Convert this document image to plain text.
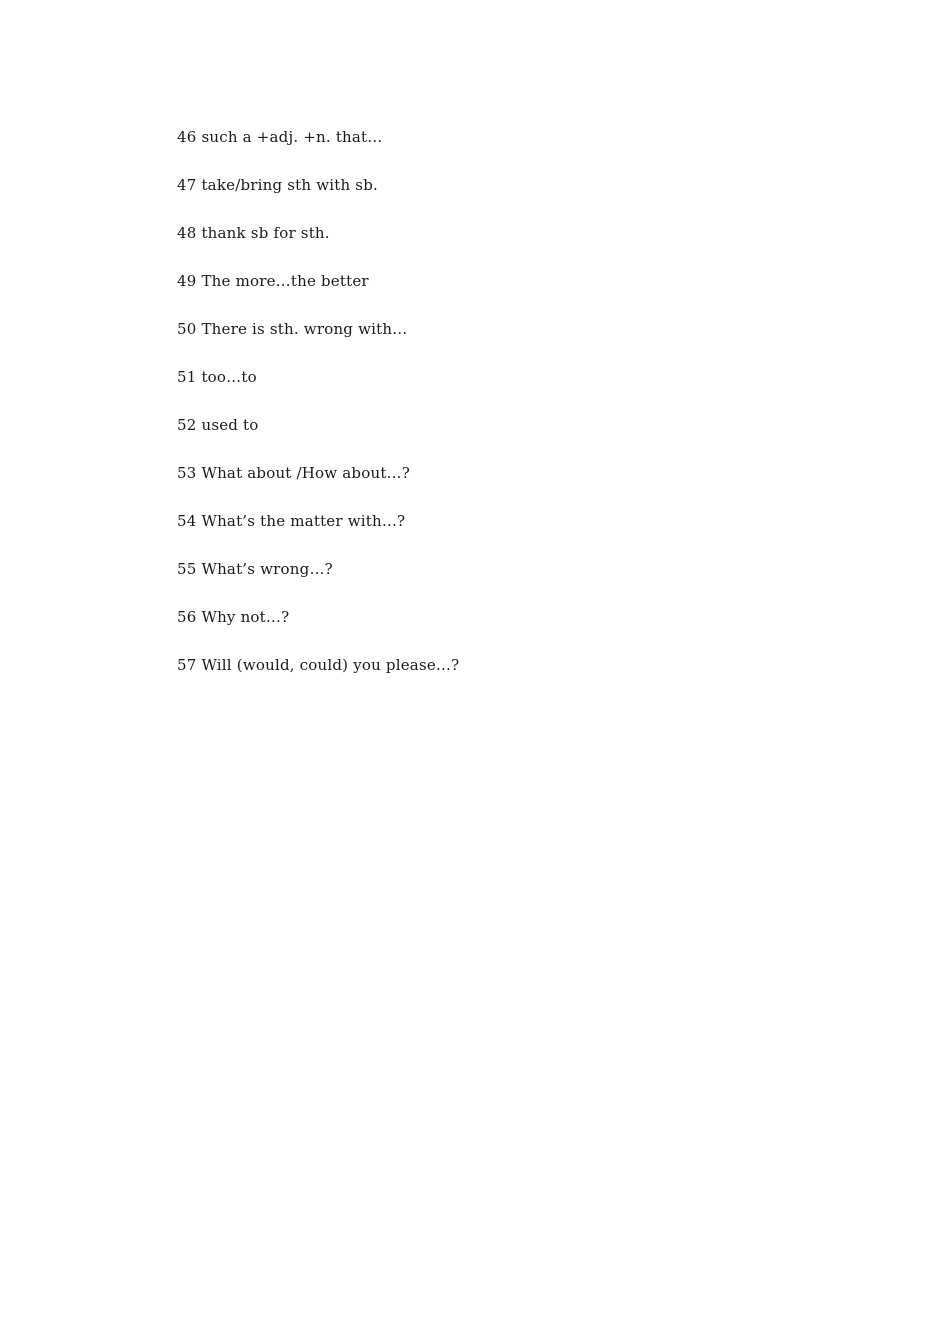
46 such a +adj. +n. that…
47 take/bring sth with sb.
48 thank sb for sth.
49 The more…the better
50 There is sth. wrong with…
51 too…to
52 used to
53 What about /How about…?
54 What’s the matter with…?
55 What’s wrong…?
56 Why not…?
57 Will (would, could) you please…?
